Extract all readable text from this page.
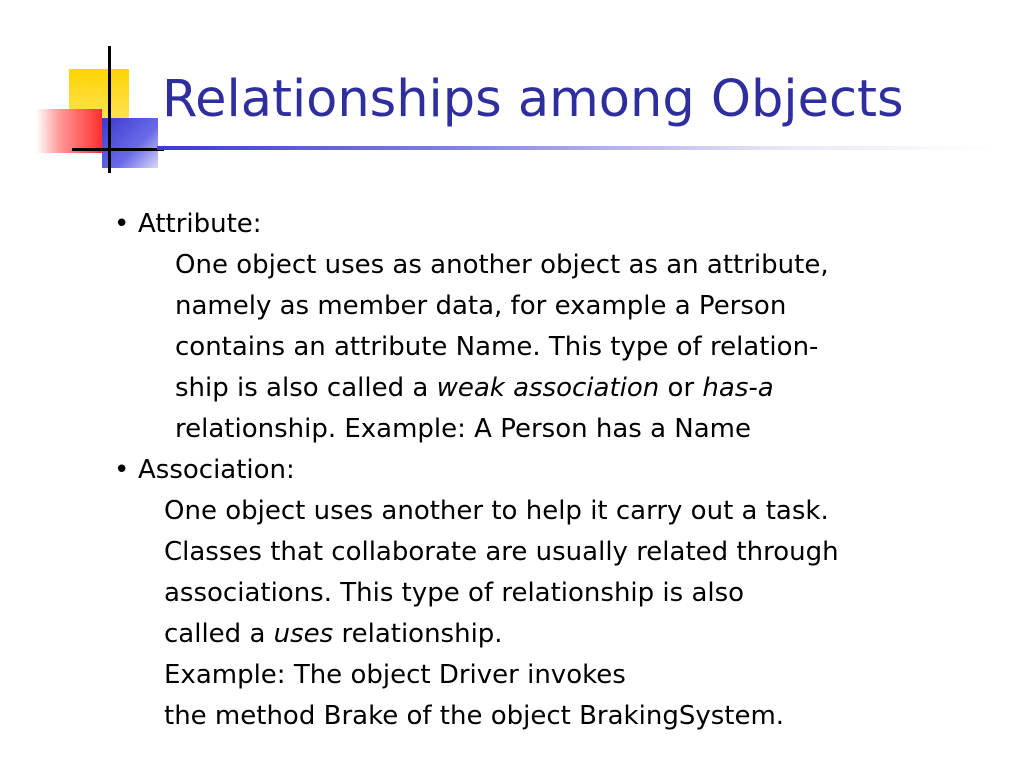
Relationships among Objects

• Attribute:

One object uses as another object as an attribute,

namely as member data, for example a Person

contains an attribute Name. This type of relation-

ship is also called a weak association or has-a

relationship. Example: A Person has a Name

• Association:

One object uses another to help it carry out a task.

Classes that collaborate are usually related through

associations. This type of relationship is also

called a uses relationship.

Example: The object Driver invokes

the method Brake of the object BrakingSystem.
